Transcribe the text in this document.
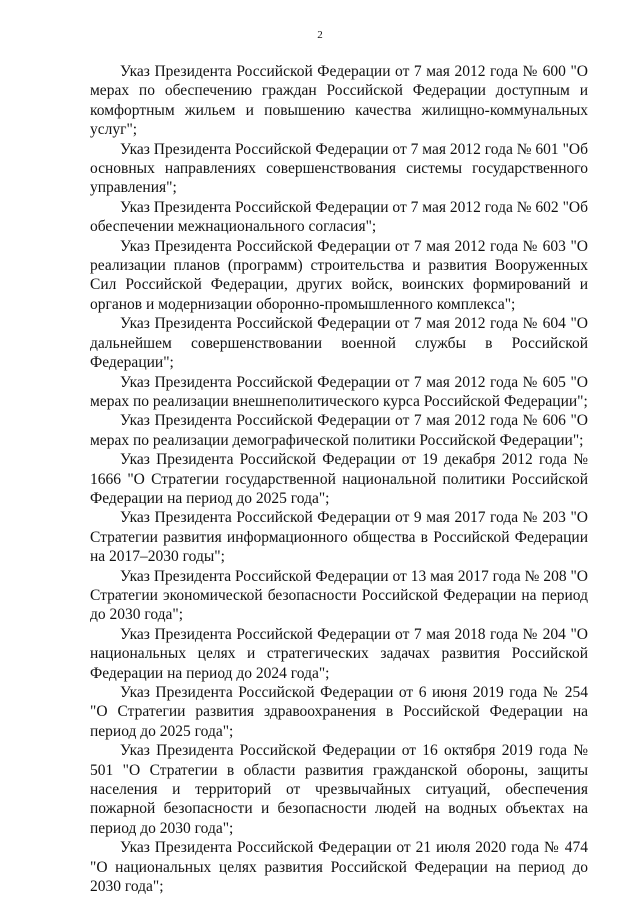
2

Указ Президента Российской Федерации от 7 мая 2012 года № 600 "О мерах по обеспечению граждан Российской Федерации доступным и комфортным жильем и повышению качества жилищно-коммунальных услуг";

Указ Президента Российской Федерации от 7 мая 2012 года № 601 "Об основных направлениях совершенствования системы государственного управления";

Указ Президента Российской Федерации от 7 мая 2012 года № 602 "Об обеспечении межнационального согласия";

Указ Президента Российской Федерации от 7 мая 2012 года № 603 "О реализации планов (программ) строительства и развития Вооруженных Сил Российской Федерации, других войск, воинских формирований и органов и модернизации оборонно-промышленного комплекса";

Указ Президента Российской Федерации от 7 мая 2012 года № 604 "О дальнейшем совершенствовании военной службы в Российской Федерации";

Указ Президента Российской Федерации от 7 мая 2012 года № 605 "О мерах по реализации внешнеполитического курса Российской Федерации";

Указ Президента Российской Федерации от 7 мая 2012 года № 606 "О мерах по реализации демографической политики Российской Федерации";

Указ Президента Российской Федерации от 19 декабря 2012 года № 1666 "О Стратегии государственной национальной политики Российской Федерации на период до 2025 года";

Указ Президента Российской Федерации от 9 мая 2017 года № 203 "О Стратегии развития информационного общества в Российской Федерации на 2017–2030 годы";

Указ Президента Российской Федерации от 13 мая 2017 года № 208 "О Стратегии экономической безопасности Российской Федерации на период до 2030 года";

Указ Президента Российской Федерации от 7 мая 2018 года № 204 "О национальных целях и стратегических задачах развития Российской Федерации на период до 2024 года";

Указ Президента Российской Федерации от 6 июня 2019 года № 254 "О Стратегии развития здравоохранения в Российской Федерации на период до 2025 года";

Указ Президента Российской Федерации от 16 октября 2019 года № 501 "О Стратегии в области развития гражданской обороны, защиты населения и территорий от чрезвычайных ситуаций, обеспечения пожарной безопасности и безопасности людей на водных объектах на период до 2030 года";

Указ Президента Российской Федерации от 21 июля 2020 года № 474 "О национальных целях развития Российской Федерации на период до 2030 года";
